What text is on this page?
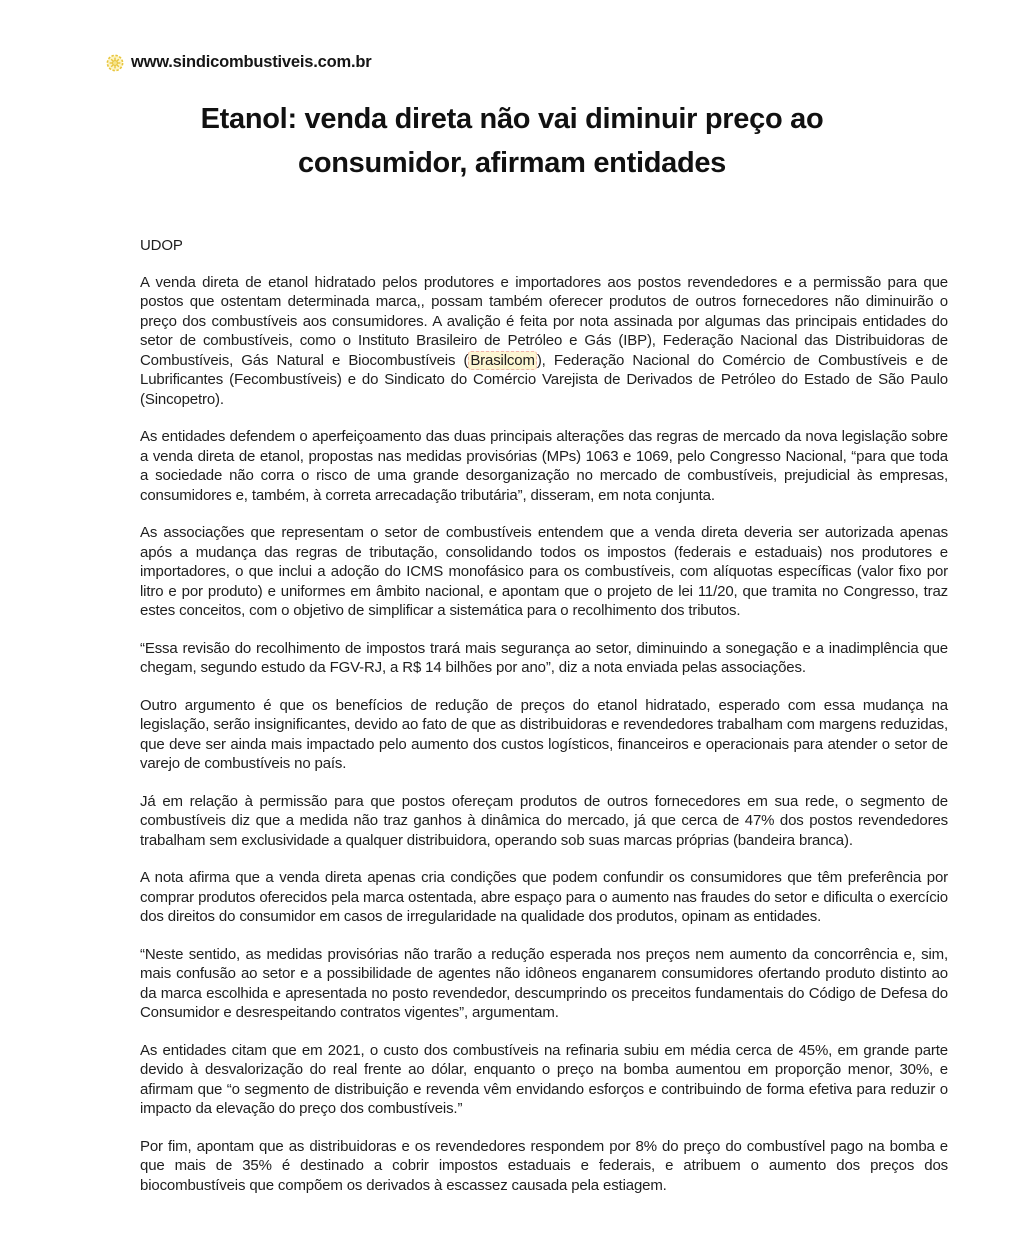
www.sindicombustiveis.com.br
Etanol: venda direta não vai diminuir preço ao consumidor, afirmam entidades

UDOP

A venda direta de etanol hidratado pelos produtores e importadores aos postos revendedores e a permissão para que postos que ostentam determinada marca,, possam também oferecer produtos de outros fornecedores não diminuirão o preço dos combustíveis aos consumidores. A avalição é feita por nota assinada por algumas das principais entidades do setor de combustíveis, como o Instituto Brasileiro de Petróleo e Gás (IBP), Federação Nacional das Distribuidoras de Combustíveis, Gás Natural e Biocombustíveis ( Brasilcom ), Federação Nacional do Comércio de Combustíveis e de Lubrificantes (Fecombustíveis) e do Sindicato do Comércio Varejista de Derivados de Petróleo do Estado de São Paulo (Sincopetro).

As entidades defendem o aperfeiçoamento das duas principais alterações das regras de mercado da nova legislação sobre a venda direta de etanol, propostas nas medidas provisórias (MPs) 1063 e 1069, pelo Congresso Nacional, “para que toda a sociedade não corra o risco de uma grande desorganização no mercado de combustíveis, prejudicial às empresas, consumidores e, também, à correta arrecadação tributária”, disseram, em nota conjunta.

As associações que representam o setor de combustíveis entendem que a venda direta deveria ser autorizada apenas após a mudança das regras de tributação, consolidando todos os impostos (federais e estaduais) nos produtores e importadores, o que inclui a adoção do ICMS monofásico para os combustíveis, com alíquotas específicas (valor fixo por litro e por produto) e uniformes em âmbito nacional, e apontam que o projeto de lei 11/20, que tramita no Congresso, traz estes conceitos, com o objetivo de simplificar a sistemática para o recolhimento dos tributos.

“Essa revisão do recolhimento de impostos trará mais segurança ao setor, diminuindo a sonegação e a inadimplência que chegam, segundo estudo da FGV-RJ, a R$ 14 bilhões por ano”, diz a nota enviada pelas associações.

Outro argumento é que os benefícios de redução de preços do etanol hidratado, esperado com essa mudança na legislação, serão insignificantes, devido ao fato de que as distribuidoras e revendedores trabalham com margens reduzidas, que deve ser ainda mais impactado pelo aumento dos custos logísticos, financeiros e operacionais para atender o setor de varejo de combustíveis no país.

Já em relação à permissão para que postos ofereçam produtos de outros fornecedores em sua rede, o segmento de combustíveis diz que a medida não traz ganhos à dinâmica do mercado, já que cerca de 47% dos postos revendedores trabalham sem exclusividade a qualquer distribuidora, operando sob suas marcas próprias (bandeira branca).

A nota afirma que a venda direta apenas cria condições que podem confundir os consumidores que têm preferência por comprar produtos oferecidos pela marca ostentada, abre espaço para o aumento nas fraudes do setor e dificulta o exercício dos direitos do consumidor em casos de irregularidade na qualidade dos produtos, opinam as entidades.

“Neste sentido, as medidas provisórias não trarão a redução esperada nos preços nem aumento da concorrência e, sim, mais confusão ao setor e a possibilidade de agentes não idôneos enganarem consumidores ofertando produto distinto ao da marca escolhida e apresentada no posto revendedor, descumprindo os preceitos fundamentais do Código de Defesa do Consumidor e desrespeitando contratos vigentes”, argumentam.

As entidades citam que em 2021, o custo dos combustíveis na refinaria subiu em média cerca de 45%, em grande parte devido à desvalorização do real frente ao dólar, enquanto o preço na bomba aumentou em proporção menor, 30%, e afirmam que “o segmento de distribuição e revenda vêm envidando esforços e contribuindo de forma efetiva para reduzir o impacto da elevação do preço dos combustíveis.”

Por fim, apontam que as distribuidoras e os revendedores respondem por 8% do preço do combustível pago na bomba e que mais de 35% é destinado a cobrir impostos estaduais e federais, e atribuem o aumento dos preços dos biocombustíveis que compõem os derivados à escassez causada pela estiagem.
